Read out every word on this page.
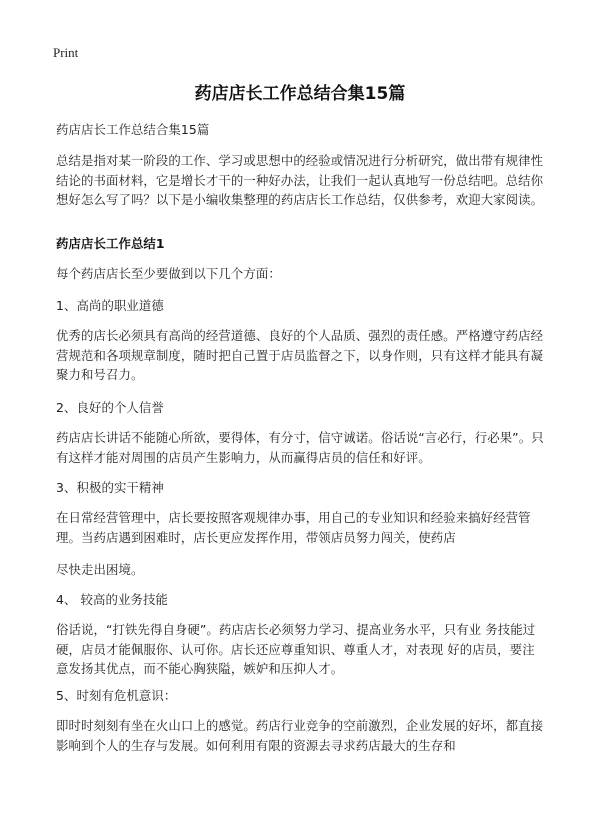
Print
药店店长工作总结合集15篇
药店店长工作总结合集15篇
总结是指对某一阶段的工作、学习或思想中的经验或情况进行分析研究，做出带有规律性结论的书面材料，它是增长才干的一种好办法，让我们一起认真地写一份总结吧。总结你想好怎么写了吗？以下是小编收集整理的药店店长工作总结，仅供参考，欢迎大家阅读。
药店店长工作总结1
每个药店店长至少要做到以下几个方面：
1、高尚的职业道德
优秀的店长必须具有高尚的经营道德、良好的个人品质、强烈的责任感。严格遵守药店经营规范和各项规章制度，随时把自己置于店员监督之下，以身作则，只有这样才能具有凝聚力和号召力。
2、良好的个人信誉
药店店长讲话不能随心所欲，要得体，有分寸，信守诚诺。俗话说“言必行，行必果”。只有这样才能对周围的店员产生影响力，从而赢得店员的信任和好评。
3、积极的实干精神
在日常经营管理中，店长要按照客观规律办事，用自己的专业知识和经验来搞好经营管理。当药店遇到困难时，店长更应发挥作用，带领店员努力闯关，使药店
尽快走出困境。
4、 较高的业务技能
俗话说，“打铁先得自身硬”。药店店长必须努力学习、提高业务水平，只有业 务技能过硬，店员才能佩服你、认可你。店长还应尊重知识、尊重人才，对表现 好的店员，要注意发扬其优点，而不能心胸狭隘，嫉妒和压抑人才。
5、时刻有危机意识：
即时时刻刻有坐在火山口上的感觉。药店行业竞争的空前激烈，企业发展的好坏，都直接影响到个人的生存与发展。如何利用有限的资源去寻求药店最大的生存和
